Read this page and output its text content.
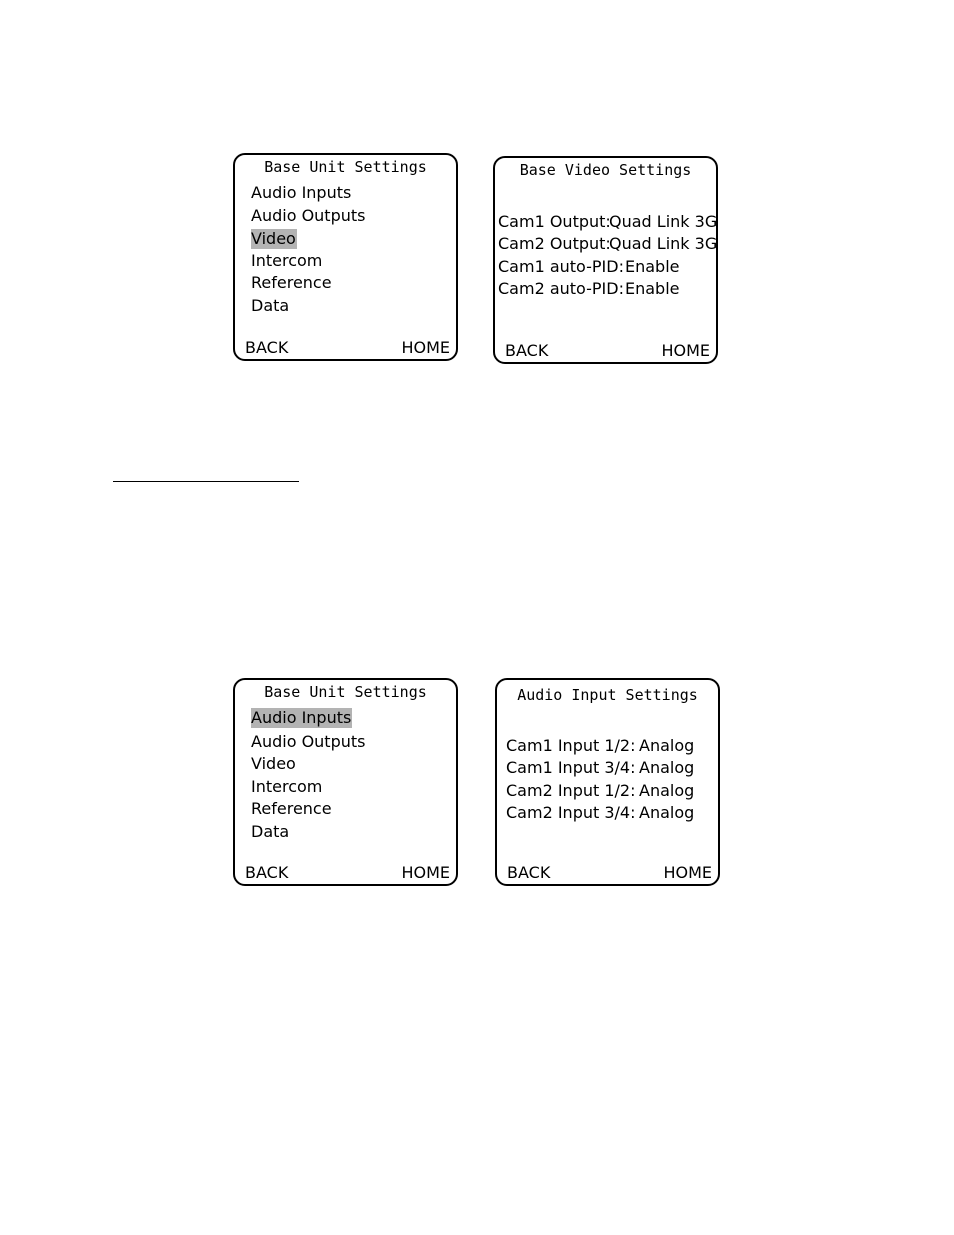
Base Unit Settings
Audio Inputs
Audio Outputs
Video
Intercom
Reference
Data
BACK	HOME
Base Video Settings
Cam1 Output:
Quad Link 3G
Cam2 Output:
Quad Link 3G
Cam1 auto-PID: Enable
Cam2 auto-PID: Enable
BACK	HOME
Base Unit Settings
Audio Inputs
Audio Outputs
Video
Intercom
Reference
Data
BACK	HOME
Audio Input Settings
Cam1 Input 1/2: Analog
Cam1 Input 3/4: Analog
Cam2 Input 1/2: Analog
Cam2 Input 3/4: Analog
BACK	HOME
